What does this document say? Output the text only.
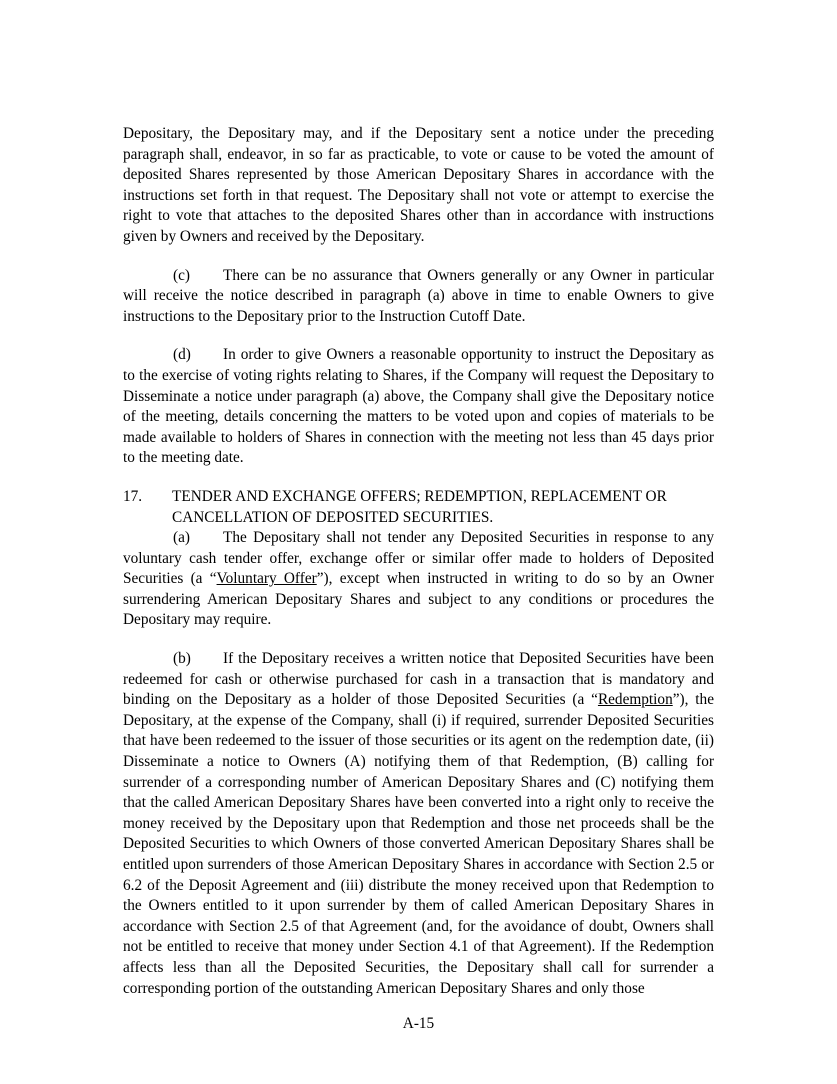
Depositary, the Depositary may, and if the Depositary sent a notice under the preceding paragraph shall, endeavor, in so far as practicable, to vote or cause to be voted the amount of deposited Shares represented by those American Depositary Shares in accordance with the instructions set forth in that request. The Depositary shall not vote or attempt to exercise the right to vote that attaches to the deposited Shares other than in accordance with instructions given by Owners and received by the Depositary.

(c) There can be no assurance that Owners generally or any Owner in particular will receive the notice described in paragraph (a) above in time to enable Owners to give instructions to the Depositary prior to the Instruction Cutoff Date.

(d) In order to give Owners a reasonable opportunity to instruct the Depositary as to the exercise of voting rights relating to Shares, if the Company will request the Depositary to Disseminate a notice under paragraph (a) above, the Company shall give the Depositary notice of the meeting, details concerning the matters to be voted upon and copies of materials to be made available to holders of Shares in connection with the meeting not less than 45 days prior to the meeting date.

17.	TENDER AND EXCHANGE OFFERS; REDEMPTION, REPLACEMENT OR CANCELLATION OF DEPOSITED SECURITIES.

(a) The Depositary shall not tender any Deposited Securities in response to any voluntary cash tender offer, exchange offer or similar offer made to holders of Deposited Securities (a “Voluntary Offer”), except when instructed in writing to do so by an Owner surrendering American Depositary Shares and subject to any conditions or procedures the Depositary may require.

(b) If the Depositary receives a written notice that Deposited Securities have been redeemed for cash or otherwise purchased for cash in a transaction that is mandatory and binding on the Depositary as a holder of those Deposited Securities (a “Redemption”), the Depositary, at the expense of the Company, shall (i) if required, surrender Deposited Securities that have been redeemed to the issuer of those securities or its agent on the redemption date, (ii) Disseminate a notice to Owners (A) notifying them of that Redemption, (B) calling for surrender of a corresponding number of American Depositary Shares and (C) notifying them that the called American Depositary Shares have been converted into a right only to receive the money received by the Depositary upon that Redemption and those net proceeds shall be the Deposited Securities to which Owners of those converted American Depositary Shares shall be entitled upon surrenders of those American Depositary Shares in accordance with Section 2.5 or 6.2 of the Deposit Agreement and (iii) distribute the money received upon that Redemption to the Owners entitled to it upon surrender by them of called American Depositary Shares in accordance with Section 2.5 of that Agreement (and, for the avoidance of doubt, Owners shall not be entitled to receive that money under Section 4.1 of that Agreement). If the Redemption affects less than all the Deposited Securities, the Depositary shall call for surrender a corresponding portion of the outstanding American Depositary Shares and only those

A-15
